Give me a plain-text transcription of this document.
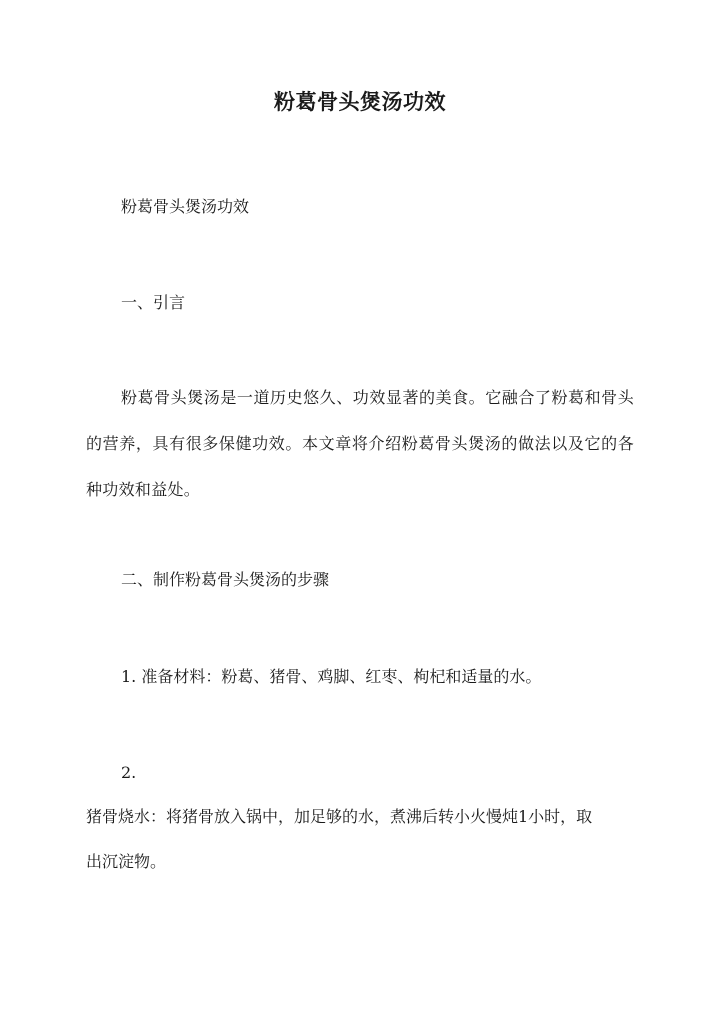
粉葛骨头煲汤功效
粉葛骨头煲汤功效
一、引言
粉葛骨头煲汤是一道历史悠久、功效显著的美食。它融合了粉葛和骨头的营养，具有很多保健功效。本文章将介绍粉葛骨头煲汤的做法以及它的各种功效和益处。
二、制作粉葛骨头煲汤的步骤
1. 准备材料：粉葛、猪骨、鸡脚、红枣、枸杞和适量的水。
2.
猪骨烧水：将猪骨放入锅中，加足够的水，煮沸后转小火慢炖1小时，取
出沉淀物。
